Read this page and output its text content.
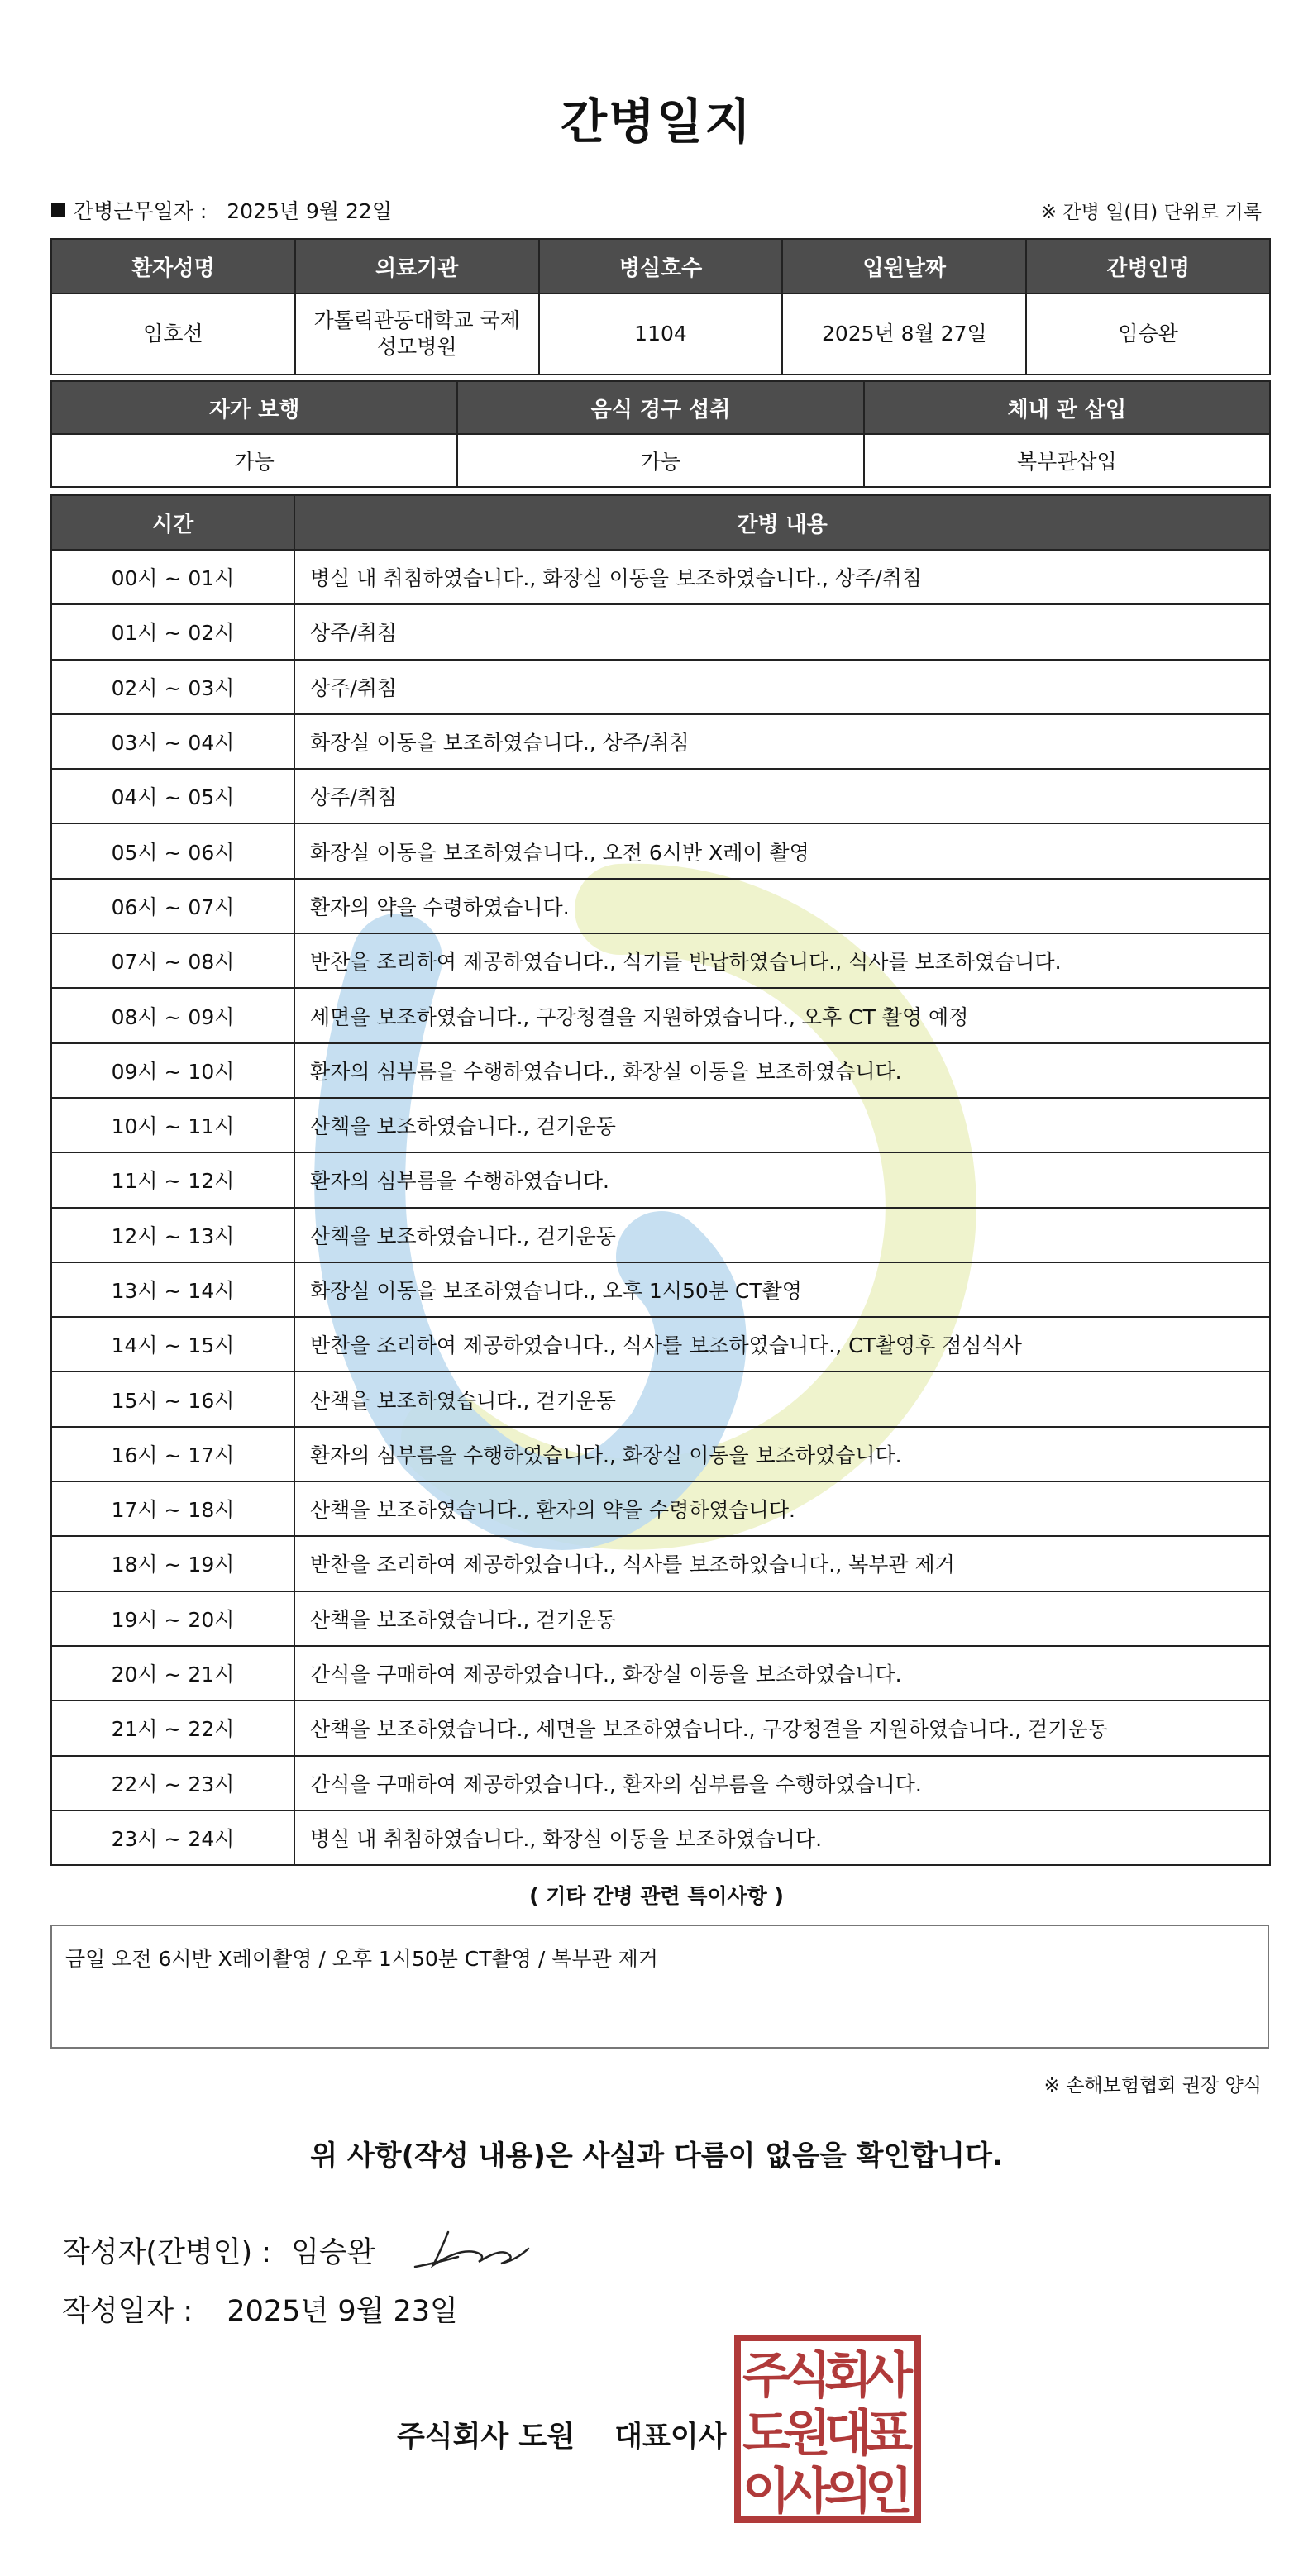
간병일지
간병근무일자 : 2025년 9월 22일	※ 간병 일(日) 단위로 기록
환자성명	의료기관	병실호수	입원날짜	간병인명
임호선	가톨릭관동대학교 국제성모병원	1104	2025년 8월 27일	임승완
자가 보행	음식 경구 섭취	체내 관 삽입
가능	가능	복부관삽입
시간	간병 내용
00시 ~ 01시	병실 내 취침하였습니다., 화장실 이동을 보조하였습니다., 상주/취침
01시 ~ 02시	상주/취침
02시 ~ 03시	상주/취침
03시 ~ 04시	화장실 이동을 보조하였습니다., 상주/취침
04시 ~ 05시	상주/취침
05시 ~ 06시	화장실 이동을 보조하였습니다., 오전 6시반 X레이 촬영
06시 ~ 07시	환자의 약을 수령하였습니다.
07시 ~ 08시	반찬을 조리하여 제공하였습니다., 식기를 반납하였습니다., 식사를 보조하였습니다.
08시 ~ 09시	세면을 보조하였습니다., 구강청결을 지원하였습니다., 오후 CT 촬영 예정
09시 ~ 10시	환자의 심부름을 수행하였습니다., 화장실 이동을 보조하였습니다.
10시 ~ 11시	산책을 보조하였습니다., 걷기운동
11시 ~ 12시	환자의 심부름을 수행하였습니다.
12시 ~ 13시	산책을 보조하였습니다., 걷기운동
13시 ~ 14시	화장실 이동을 보조하였습니다., 오후 1시50분 CT촬영
14시 ~ 15시	반찬을 조리하여 제공하였습니다., 식사를 보조하였습니다., CT촬영후 점심식사
15시 ~ 16시	산책을 보조하였습니다., 걷기운동
16시 ~ 17시	환자의 심부름을 수행하였습니다., 화장실 이동을 보조하였습니다.
17시 ~ 18시	산책을 보조하였습니다., 환자의 약을 수령하였습니다.
18시 ~ 19시	반찬을 조리하여 제공하였습니다., 식사를 보조하였습니다., 복부관 제거
19시 ~ 20시	산책을 보조하였습니다., 걷기운동
20시 ~ 21시	간식을 구매하여 제공하였습니다., 화장실 이동을 보조하였습니다.
21시 ~ 22시	산책을 보조하였습니다., 세면을 보조하였습니다., 구강청결을 지원하였습니다., 걷기운동
22시 ~ 23시	간식을 구매하여 제공하였습니다., 환자의 심부름을 수행하였습니다.
23시 ~ 24시	병실 내 취침하였습니다., 화장실 이동을 보조하였습니다.
( 기타 간병 관련 특이사항 )
금일 오전 6시반 X레이촬영 / 오후 1시50분 CT촬영 / 복부관 제거
※ 손해보험협회 권장 양식
위 사항(작성 내용)은 사실과 다름이 없음을 확인합니다.
작성자(간병인) : 임승완
작성일자 : 2025년 9월 23일
주식회사 도원 대표이사
주
식
회
사
도
원
대
표
이
사
의
인
